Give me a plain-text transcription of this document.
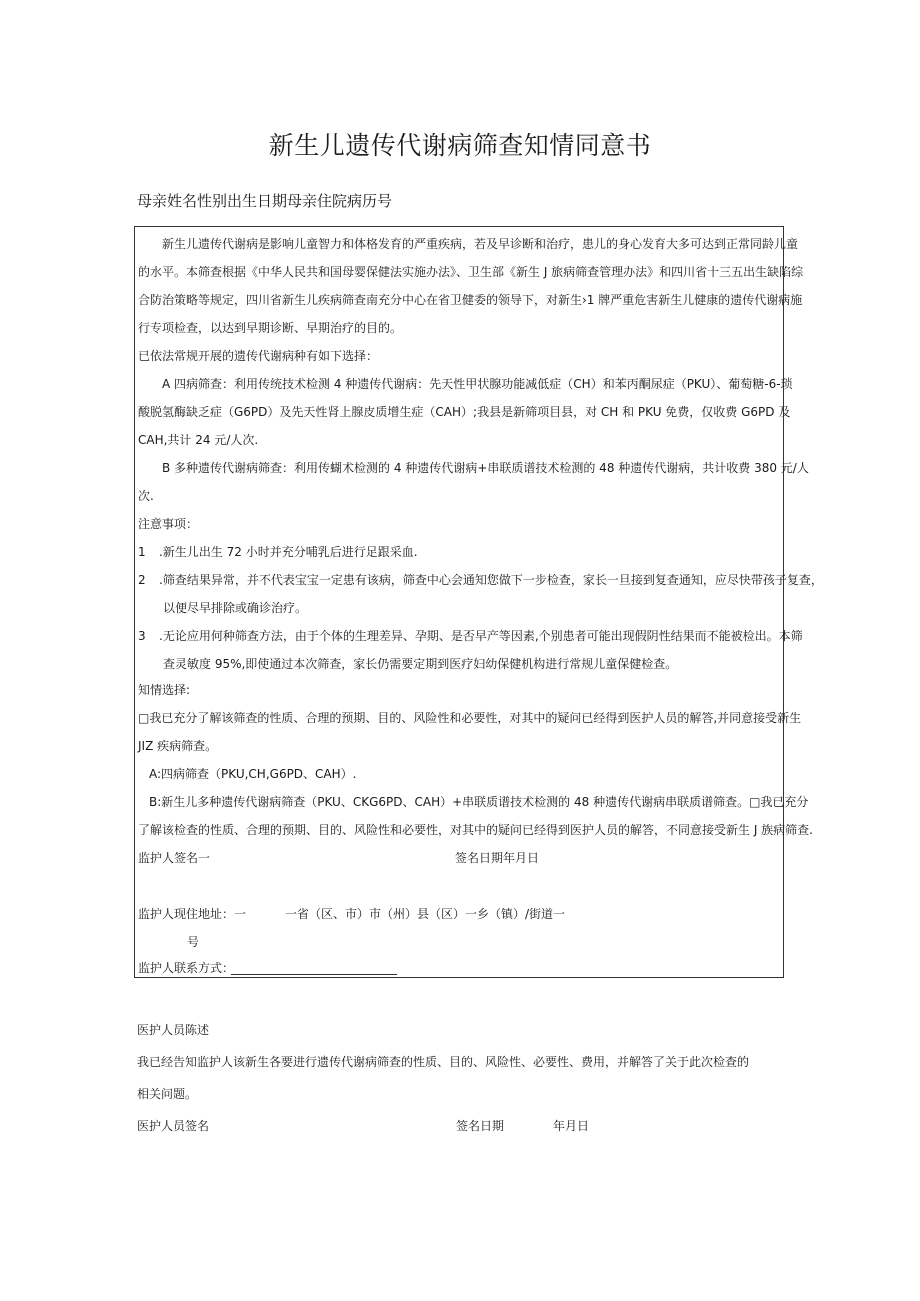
新生儿遗传代谢病筛查知情同意书
母亲姓名性别出生日期母亲住院病历号
新生儿遗传代谢病是影响儿童智力和体格发育的严重疾病，若及早诊断和治疗，患儿的身心发育大多可达到正常同龄儿童
的水平。本筛查根据《中华人民共和国母婴保健法实施办法》、卫生部《新生 J 旅病筛查管理办法》和四川省十三五出生缺陷综
合防治策略等规定，四川省新生儿疾病筛查南充分中心在省卫健委的领导下，对新生›1 牌严重危害新生儿健康的遗传代谢病施
行专项检查，以达到早期诊断、早期治疗的目的。
已依法常规开展的遗传代谢病种有如下选择：
A 四病筛查：利用传统技术检测 4 种遗传代谢病：先天性甲状腺功能减低症（CH）和苯丙酮尿症（PKU）、葡萄糖-6-琐
酸脱氢酶缺乏症（G6PD）及先天性肾上腺皮质增生症（CAH）;我县是新筛项目县，对 CH 和 PKU 免费，仅收费 G6PD 及
CAH,共计 24 元/人次.
B 多种遗传代谢病筛查：利用传蝴术检测的 4 种遗传代谢病+串联质谱技术检测的 48 种遗传代谢病，共计收费 380 元/人
次.
注意事项：
1 .新生儿出生 72 小时并充分哺乳后进行足跟采血.
2 .筛查结果异常，并不代表宝宝一定患有该病，筛查中心会通知您做下一步检查，家长一旦接到复查通知，应尽快带孩子复查，
以便尽早排除或确诊治疗。
3 .无论应用何种筛查方法，由于个体的生理差异、孕期、是否早产等因素,个别患者可能出现假阴性结果而不能被检出。本筛
查灵敏度 95%,即使通过本次筛查，家长仍需要定期到医疗妇幼保健机构进行常规儿童保健检查。
知情选择:
□我已充分了解该筛查的性质、合理的预期、目的、风险性和必要性，对其中的疑问已经得到医护人员的解答,并同意接受新生
JIZ 疾病筛查。
A:四病筛查（PKU,CH,G6PD、CAH）.
B:新生儿多种遗传代谢病筛查（PKU、CKG6PD、CAH）+串联质谱技术检测的 48 种遗传代谢病串联质谱筛查。□我已充分
了解该检查的性质、合理的预期、目的、风险性和必要性，对其中的疑问已经得到医护人员的解答，不同意接受新生 J 族病筛查.
监护人签名一	签名日期年月日
监护人现住地址：一	一省（区、市）市（州）县（区）一乡（镇）/街道一
号
监护人联系方式：
医护人员陈述
我已经告知监护人该新生各要进行遗传代谢病筛查的性质、目的、风险性、必要性、费用，并解答了关于此次检查的
相关问题。
医护人员签名	签名日期	年月日
